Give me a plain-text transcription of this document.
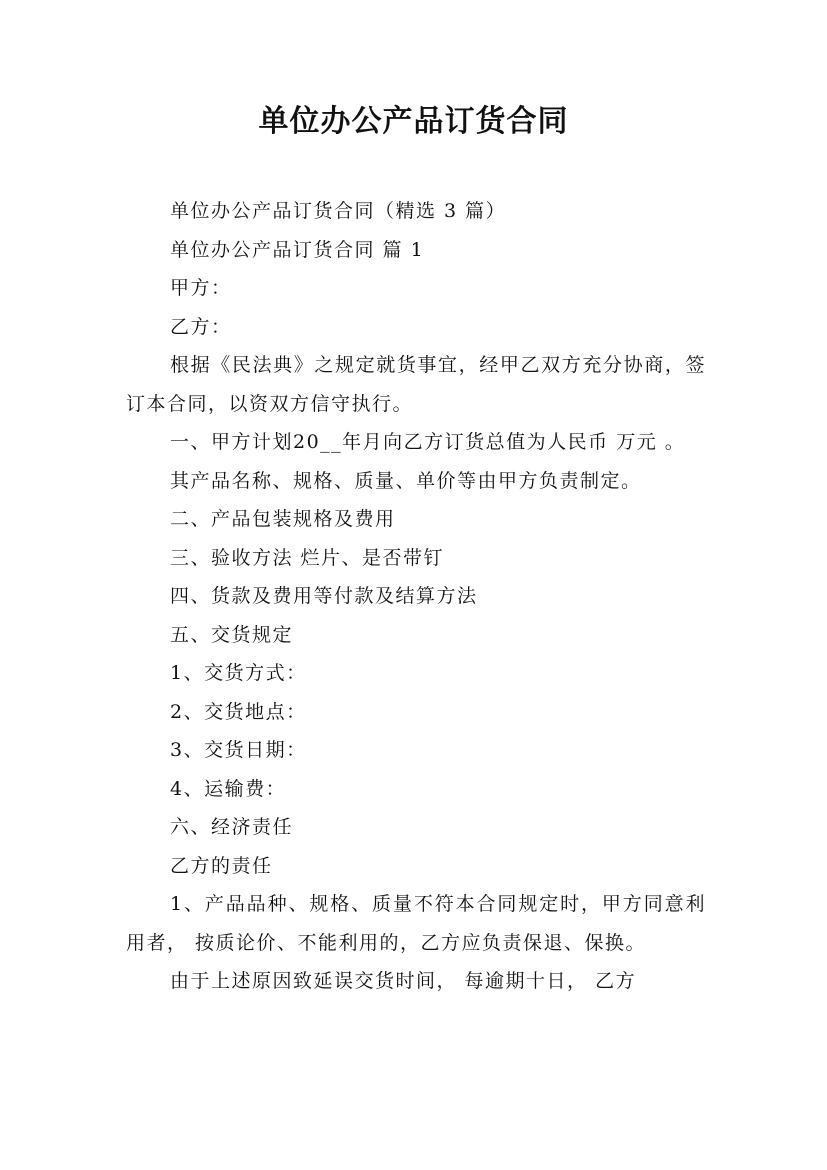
单位办公产品订货合同

单位办公产品订货合同（精选 3 篇）

单位办公产品订货合同 篇 1

甲方：

乙方：

根据《民法典》之规定就货事宜，经甲乙双方充分协商，签订本合同，以资双方信守执行。

一、甲方计划20__年月向乙方订货总值为人民币 万元 。

其产品名称、规格、质量、单价等由甲方负责制定。

二、产品包装规格及费用

三、验收方法 烂片、是否带钉

四、货款及费用等付款及结算方法

五、交货规定

1、交货方式：

2、交货地点：

3、交货日期：

4、运输费：

六、经济责任

乙方的责任

1、产品品种、规格、质量不符本合同规定时，甲方同意利用者， 按质论价、不能利用的，乙方应负责保退、保换。

由于上述原因致延误交货时间， 每逾期十日， 乙方
